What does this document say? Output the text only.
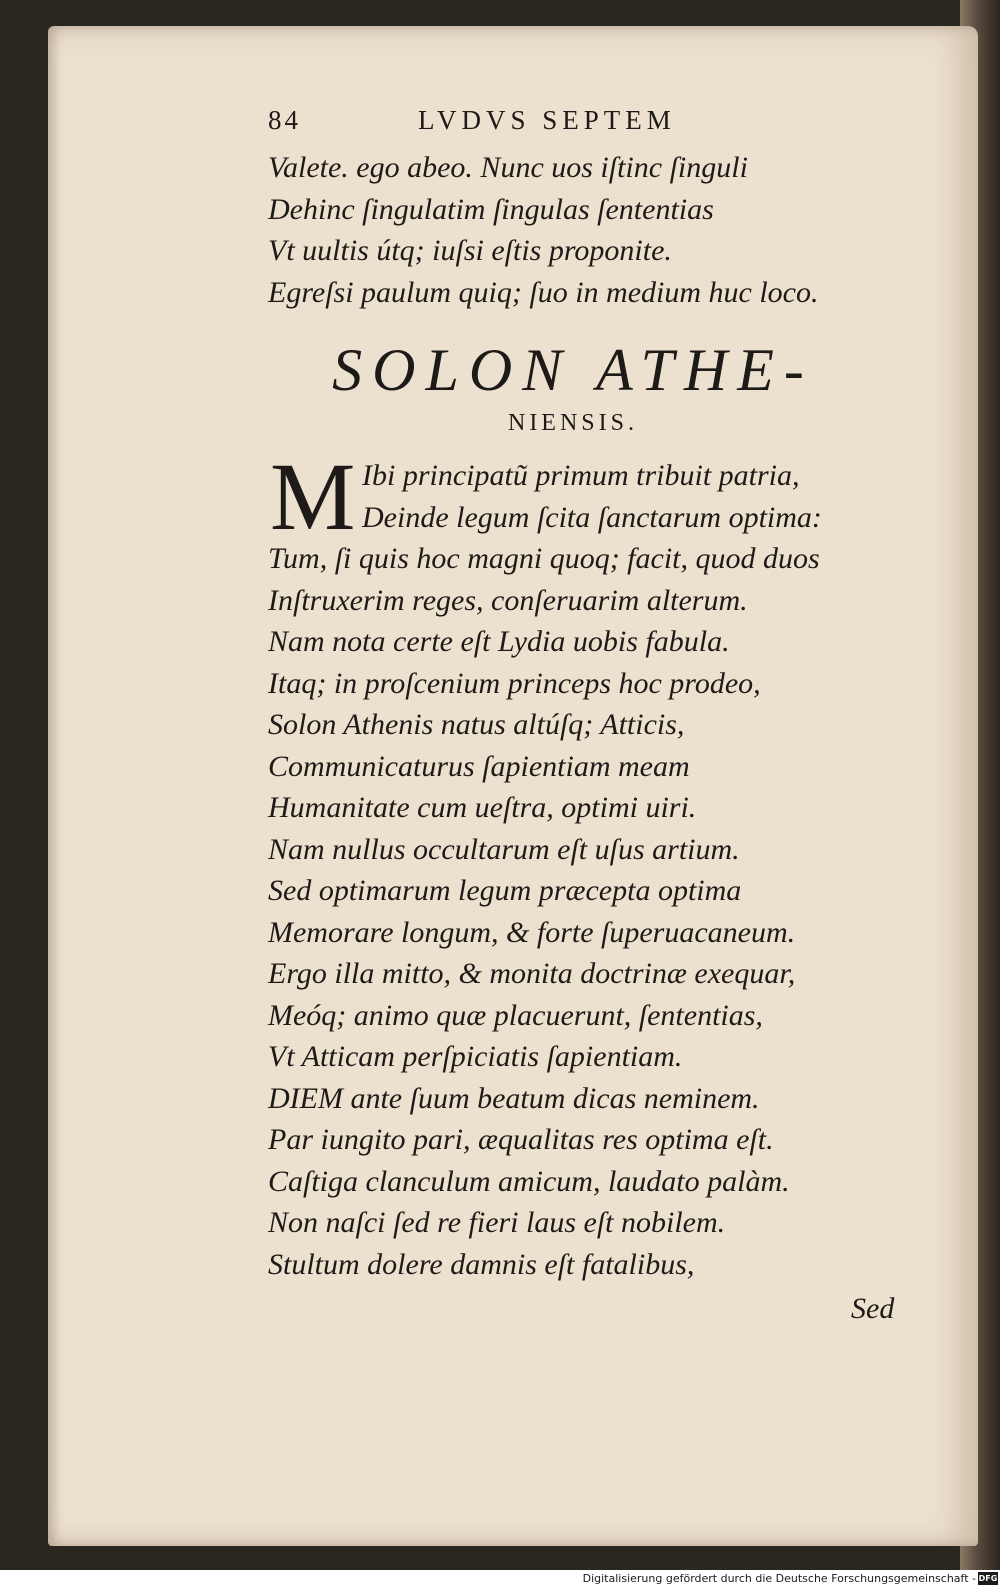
84	LVDVS SEPTEM
Valete. ego abeo. Nunc uos iſtinc ſinguli
Dehinc ſingulatim ſingulas ſententias
Vt uultis útq; iuſsi eſtis proponite.
Egreſsi paulum quiq; ſuo in medium huc loco.
SOLON ATHE-
NIENSIS.
M Ibi principatũ primum tribuit patria,
Deinde legum ſcita ſanctarum optima:
Tum, ſi quis hoc magni quoq; facit, quod duos
Inſtruxerim reges, conſeruarim alterum.
Nam nota certe eſt Lydia uobis fabula.
Itaq; in proſcenium princeps hoc prodeo,
Solon Athenis natus altúſq; Atticis,
Communicaturus ſapientiam meam
Humanitate cum ueſtra, optimi uiri.
Nam nullus occultarum eſt uſus artium.
Sed optimarum legum præcepta optima
Memorare longum, & forte ſuperuacaneum.
Ergo illa mitto, & monita doctrinæ exequar,
Meóq; animo quæ placuerunt, ſententias,
Vt Atticam perſpiciatis ſapientiam.
DIEM ante ſuum beatum dicas neminem.
Par iungito pari, æqualitas res optima eſt.
Caſtiga clanculum amicum, laudato palàm.
Non naſci ſed re fieri laus eſt nobilem.
Stultum dolere damnis eſt fatalibus,
Sed
Digitalisierung gefördert durch die Deutsche Forschungsgemeinschaft - DFG
